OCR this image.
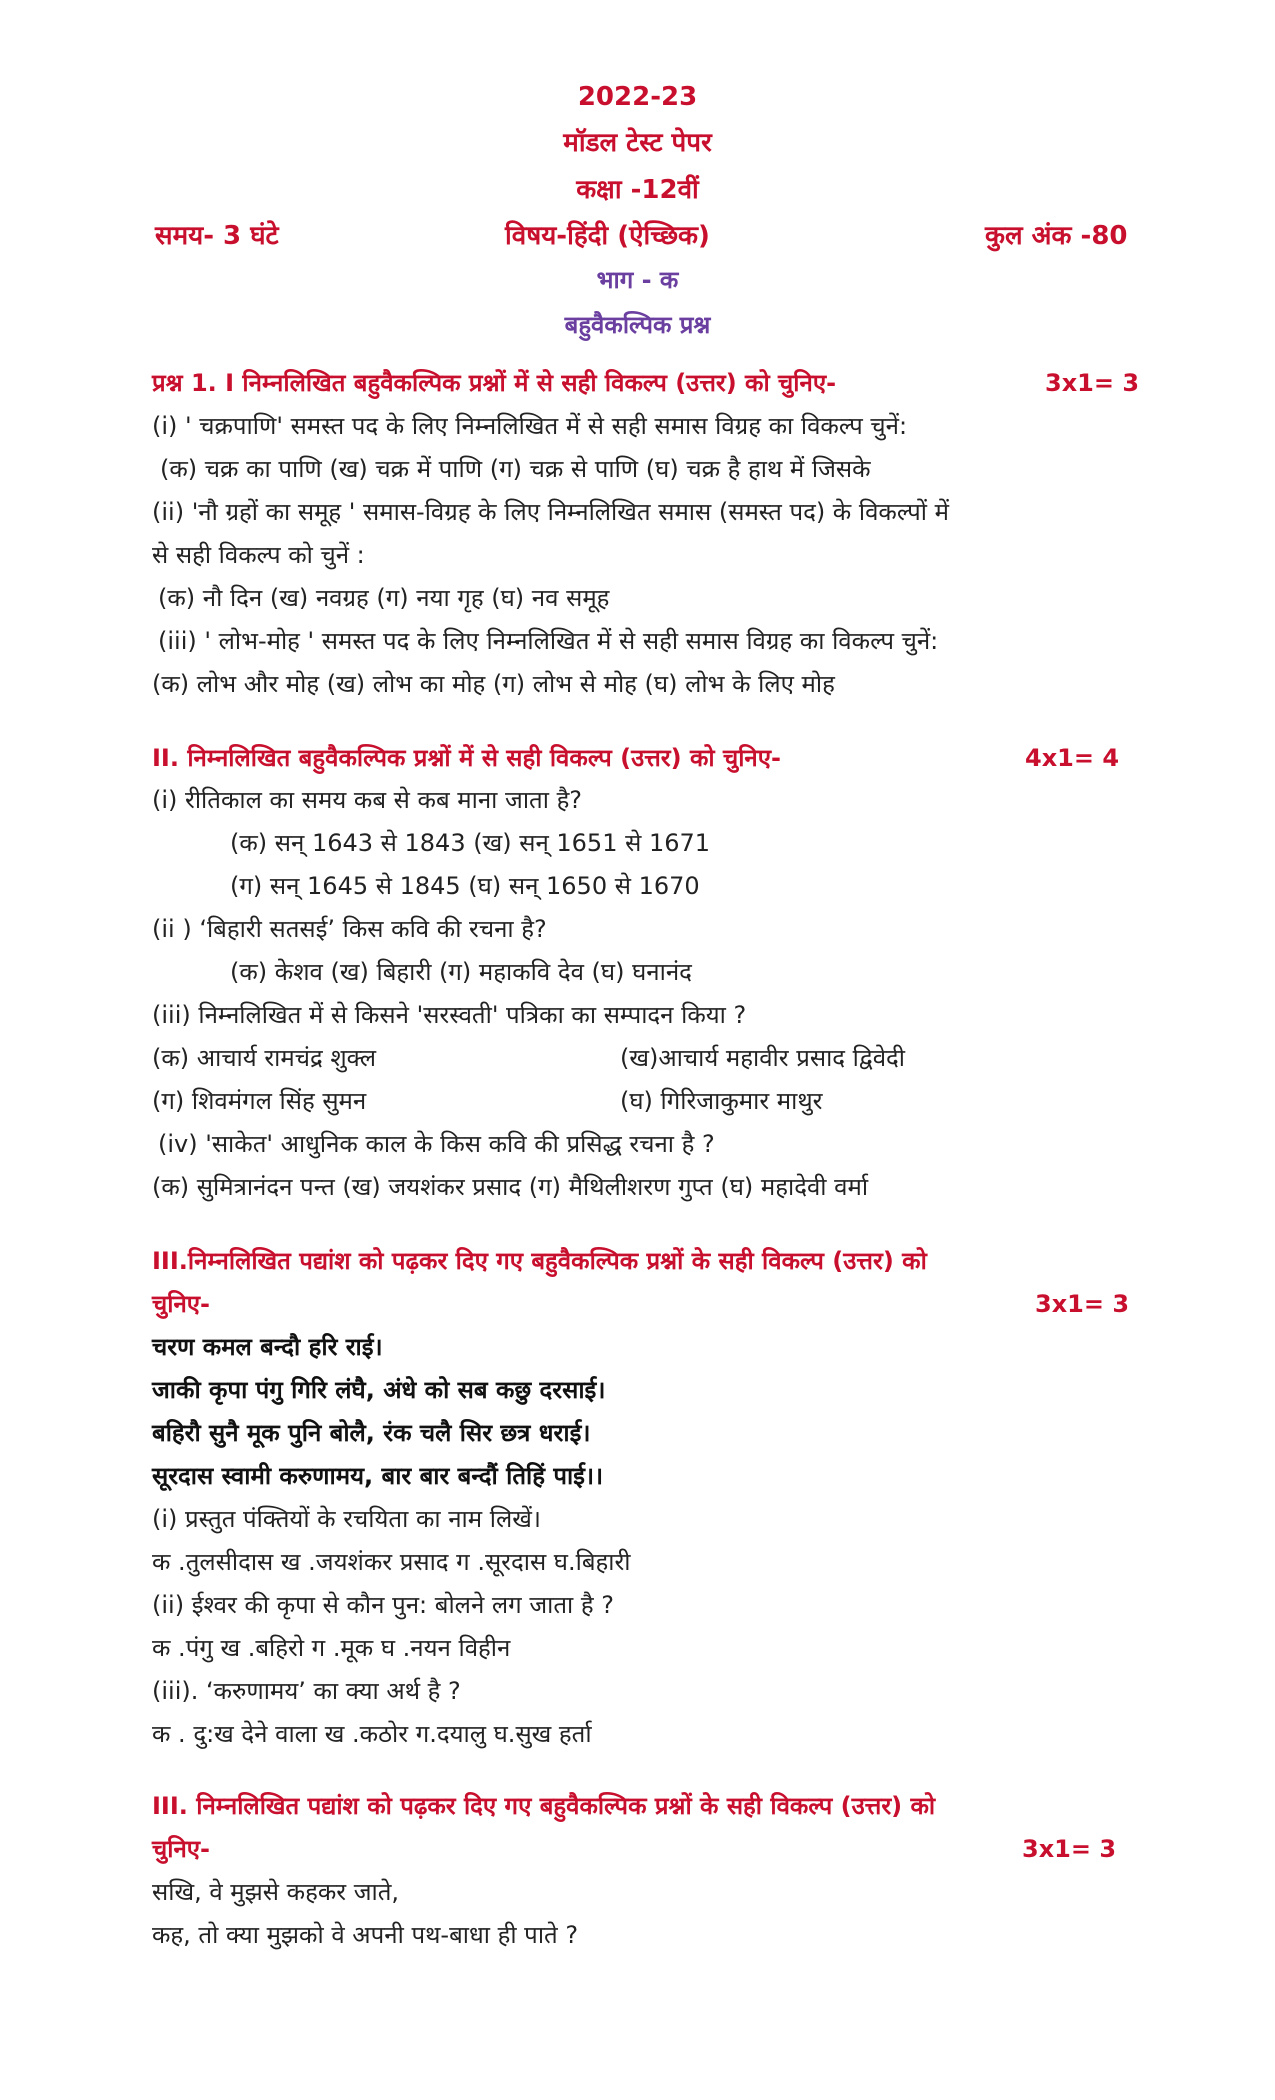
2022-23
मॉडल टेस्ट पेपर
कक्षा -12वीं
समय- 3 घंटे	विषय-हिंदी (ऐच्छिक)	कुल अंक -80
भाग - क
बहुवैकल्पिक प्रश्न
प्रश्न 1. I निम्नलिखित बहुवैकल्पिक प्रश्नों में से सही विकल्प (उत्तर) को चुनिए-	3x1= 3
(i) ' चक्रपाणि' समस्त पद के लिए निम्नलिखित में से सही समास विग्रह का विकल्प चुनें:
(क) चक्र का पाणि (ख) चक्र में पाणि (ग) चक्र से पाणि (घ) चक्र है हाथ में जिसके
(ii) 'नौ ग्रहों का समूह ' समास-विग्रह के लिए निम्नलिखित समास (समस्त पद) के विकल्पों में
से सही विकल्प को चुनें :
(क) नौ दिन (ख) नवग्रह (ग) नया गृह (घ) नव समूह
(iii) ' लोभ-मोह ' समस्त पद के लिए निम्नलिखित में से सही समास विग्रह का विकल्प चुनें:
(क) लोभ और मोह (ख) लोभ का मोह (ग) लोभ से मोह (घ) लोभ के लिए मोह
II. निम्नलिखित बहुवैकल्पिक प्रश्नों में से सही विकल्प (उत्तर) को चुनिए-	4x1= 4
(i) रीतिकाल का समय कब से कब माना जाता है?
(क) सन् 1643 से 1843 (ख) सन् 1651 से 1671
(ग) सन् 1645 से 1845 (घ) सन् 1650 से 1670
(ii ) ‘बिहारी सतसई’ किस कवि की रचना है?
(क) केशव (ख) बिहारी (ग) महाकवि देव (घ) घनानंद
(iii) निम्नलिखित में से किसने 'सरस्वती' पत्रिका का सम्पादन किया ?
(क) आचार्य रामचंद्र शुक्ल	(ख)आचार्य महावीर प्रसाद द्विवेदी
(ग) शिवमंगल सिंह सुमन	(घ) गिरिजाकुमार माथुर
(iv) 'साकेत' आधुनिक काल के किस कवि की प्रसिद्ध रचना है ?
(क) सुमित्रानंदन पन्त (ख) जयशंकर प्रसाद (ग) मैथिलीशरण गुप्त (घ) महादेवी वर्मा
III.निम्नलिखित पद्यांश को पढ़कर दिए गए बहुवैकल्पिक प्रश्नों के सही विकल्प (उत्तर) को
चुनिए-	3x1= 3
चरण कमल बन्दौ हरि राई।
जाकी कृपा पंगु गिरि लंघै, अंधे को सब कछु दरसाई।
बहिरौ सुनै मूक पुनि बोलै, रंक चलै सिर छत्र धराई।
सूरदास स्वामी करुणामय, बार बार बन्दौं तिहिं पाई।।
(i) प्रस्तुत पंक्तियों के रचयिता का नाम लिखें।
क .तुलसीदास ख .जयशंकर प्रसाद ग .सूरदास घ.बिहारी
(ii) ईश्वर की कृपा से कौन पुन: बोलने लग जाता है ?
क .पंगु ख .बहिरो ग .मूक घ .नयन विहीन
(iii). ‘करुणामय’ का क्या अर्थ है ?
क . दु:ख देने वाला ख .कठोर ग.दयालु घ.सुख हर्ता
III. निम्नलिखित पद्यांश को पढ़कर दिए गए बहुवैकल्पिक प्रश्नों के सही विकल्प (उत्तर) को
चुनिए-	3x1= 3
सखि, वे मुझसे कहकर जाते,
कह, तो क्या मुझको वे अपनी पथ-बाधा ही पाते ?
